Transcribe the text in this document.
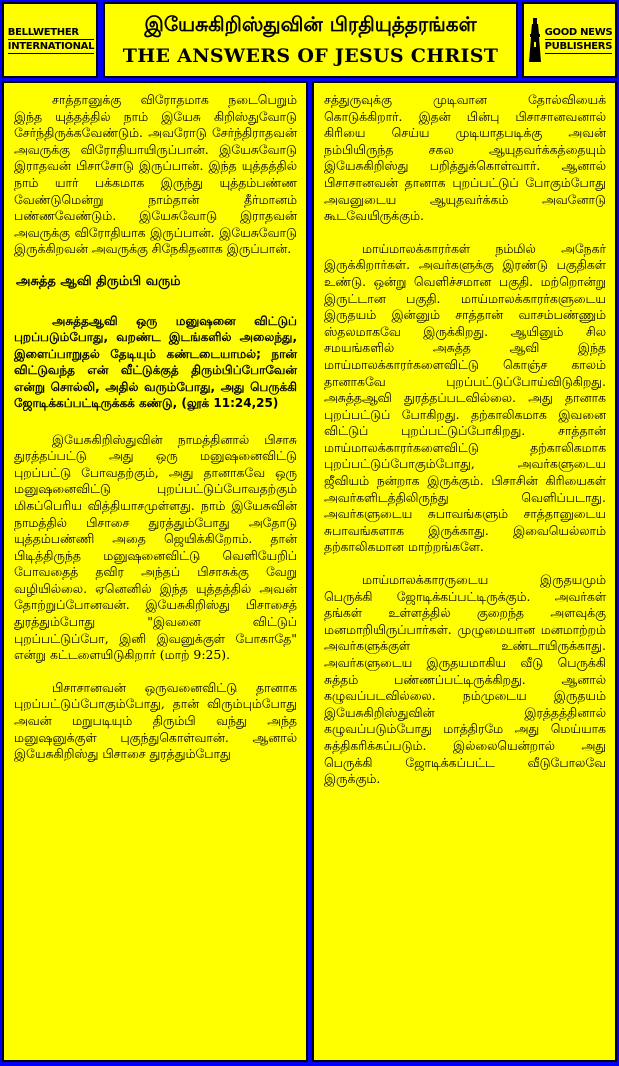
BELLWETHER
INTERNATIONAL
இயேசுகிறிஸ்துவின் பிரதியுத்தரங்கள்
THE ANSWERS OF JESUS CHRIST
GOOD NEWS
PUBLISHERS

சாத்தானுக்கு விரோதமாக நடைபெறும் இந்த யுத்தத்தில் நாம் இயேசு கிறிஸ்துவோடு சேர்ந்திருக்கவேண்டும். அவரோடு சேர்ந்திராதவன் அவருக்கு விரோதியாயிருப்பான். இயேசுவோடு இராதவன் பிசாசோடு இருப்பான். இந்த யுத்தத்தில் நாம் யார் பக்கமாக இருந்து யுத்தம்பண்ண வேண்டுமென்று நாம்தான் தீர்மானம் பண்ணவேண்டும். இயேசுவோடு இராதவன் அவருக்கு விரோதியாக இருப்பான். இயேசுவோடு இருக்கிறவன் அவருக்கு சிநேகிதனாக இருப்பான்.

அசுத்த ஆவி திரும்பி வரும்

அசுத்தஆவி ஒரு மனுஷனை விட்டுப் புறப்படும்போது, வறண்ட இடங்களில் அலைந்து, இளைப்பாறுதல் தேடியும் கண்டடையாமல்; நான் விட்டுவந்த என் வீட்டுக்குத் திரும்பிப்போவேன் என்று சொல்லி, அதில் வரும்போது, அது பெருக்கி ஜோடிக்கப்பட்டிருக்கக் கண்டு, (லூக் 11:24,25)

இயேசுகிறிஸ்துவின் நாமத்தினால் பிசாசு துரத்தப்பட்டு அது ஒரு மனுஷனைவிட்டு புறப்பட்டு போவதற்கும், அது தானாகவே ஒரு மனுஷனைவிட்டு புறப்பட்டுப்போவதற்கும் மிகப்பெரிய வித்தியாசமுள்ளது. நாம் இயேசுவின் நாமத்தில் பிசாசை துரத்தும்போது அதோடு யுத்தம்பண்ணி அதை ஜெயிக்கிறோம். தான் பிடித்திருந்த மனுஷனைவிட்டு வெளியேறிப் போவதைத் தவிர அந்தப் பிசாசுக்கு வேறு வழியில்லை. ஏனெனில் இந்த யுத்தத்தில் அவன் தோற்றுப்போனவன். இயேசுகிறிஸ்து பிசாசைத் துரத்தும்போது "இவனை விட்டுப் புறப்பட்டுப்போ, இனி இவனுக்குள் போகாதே" என்று கட்டளையிடுகிறார் (மாற் 9:25).

பிசாசானவன் ஒருவனைவிட்டு தானாக புறப்பட்டுப்போகும்போது, தான் விரும்பும்போது அவன் மறுபடியும் திரும்பி வந்து அந்த மனுஷனுக்குள் புகுந்துகொள்வான். ஆனால் இயேசுகிறிஸ்து பிசாசை துரத்தும்போது

சத்துருவுக்கு முடிவான தோல்வியைக் கொடுக்கிறார். இதன் பின்பு பிசாசானவனால் கிரியை செய்ய முடியாதபடிக்கு அவன் நம்பியிருந்த சகல ஆயுதவர்க்கத்தையும் இயேசுகிறிஸ்து பறித்துக்கொள்வார். ஆனால் பிசாசானவன் தானாக புறப்பட்டுப் போகும்போது அவனுடைய ஆயுதவர்க்கம் அவனோடு கூடவேயிருக்கும்.

மாய்மாலக்காரர்கள் நம்மில் அநேகர் இருக்கிறார்கள். அவர்களுக்கு இரண்டு பகுதிகள் உண்டு. ஒன்று வெளிச்சமான பகுதி. மற்றொன்று இருட்டான பகுதி. மாய்மாலக்காரர்களுடைய இருதயம் இன்னும் சாத்தான் வாசம்பண்ணும் ஸ்தலமாகவே இருக்கிறது. ஆயினும் சில சமயங்களில் அசுத்த ஆவி இந்த மாய்மாலக்காரர்களைவிட்டு கொஞ்ச காலம் தானாகவே புறப்பட்டுப்போய்விடுகிறது. அசுத்தஆவி துரத்தப்படவில்லை. அது தானாக புறப்பட்டுப் போகிறது. தற்காலிகமாக இவனை விட்டுப் புறப்பட்டுப்போகிறது. சாத்தான் மாய்மாலக்காரர்களைவிட்டு தற்காலிகமாக புறப்பட்டுப்போகும்போது, அவர்களுடைய ஜீவியம் நன்றாக இருக்கும். பிசாசின் கிரியைகள் அவர்களிடத்திலிருந்து வெளிப்படாது. அவர்களுடைய சுபாவங்களும் சாத்தானுடைய சுபாவங்களாக இருக்காது. இவையெல்லாம் தற்காலிகமான மாற்றங்களே.

மாய்மாலக்காரருடைய இருதயமும் பெருக்கி ஜோடிக்கப்பட்டிருக்கும். அவர்கள் தங்கள் உள்ளத்தில் குறைந்த அளவுக்கு மனமாறியிருப்பார்கள். முழுமையான மனமாற்றம் அவர்களுக்குள் உண்டாயிருக்காது. அவர்களுடைய இருதயமாகிய வீடு பெருக்கி சுத்தம் பண்ணப்பட்டிருக்கிறது. ஆனால் கழுவப்படவில்லை. நம்முடைய இருதயம் இயேசுகிறிஸ்துவின் இரத்தத்தினால் கழுவப்படும்போது மாத்திரமே அது மெய்யாக சுத்திகரிக்கப்படும். இல்லையென்றால் அது பெருக்கி ஜோடிக்கப்பட்ட வீடுபோலவே இருக்கும்.
